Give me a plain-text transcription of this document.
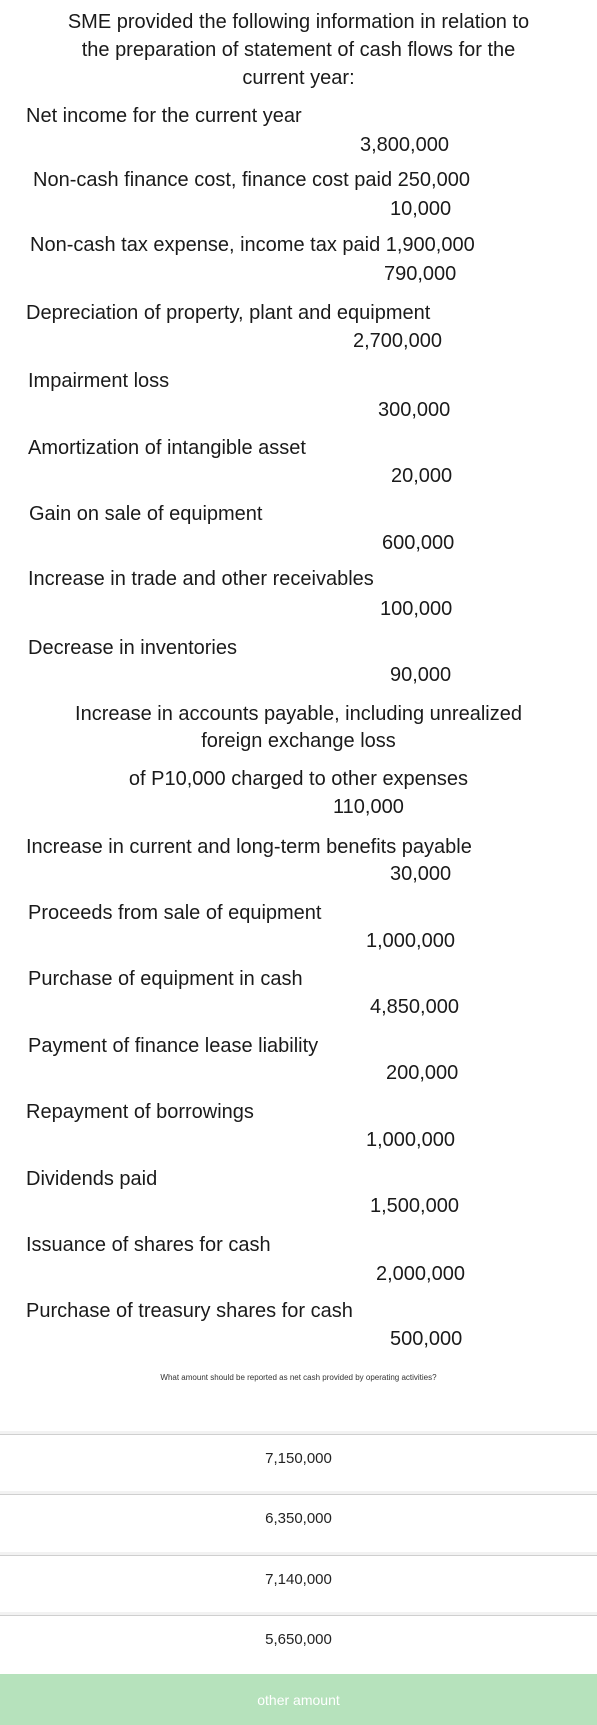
SME provided the following information in relation to
the preparation of statement of cash flows for the
current year:
Net income for the current year
3,800,000
Non-cash finance cost, finance cost paid 250,000
10,000
Non-cash tax expense, income tax paid 1,900,000
790,000
Depreciation of property, plant and equipment
2,700,000
Impairment loss
300,000
Amortization of intangible asset
20,000
Gain on sale of equipment
600,000
Increase in trade and other receivables
100,000
Decrease in inventories
90,000
Increase in accounts payable, including unrealized
foreign exchange loss
of P10,000 charged to other expenses
110,000
Increase in current and long-term benefits payable
30,000
Proceeds from sale of equipment
1,000,000
Purchase of equipment in cash
4,850,000
Payment of finance lease liability
200,000
Repayment of borrowings
1,000,000
Dividends paid
1,500,000
Issuance of shares for cash
2,000,000
Purchase of treasury shares for cash
500,000
What amount should be reported as net cash provided by operating activities?
7,150,000
6,350,000
7,140,000
5,650,000
other amount
